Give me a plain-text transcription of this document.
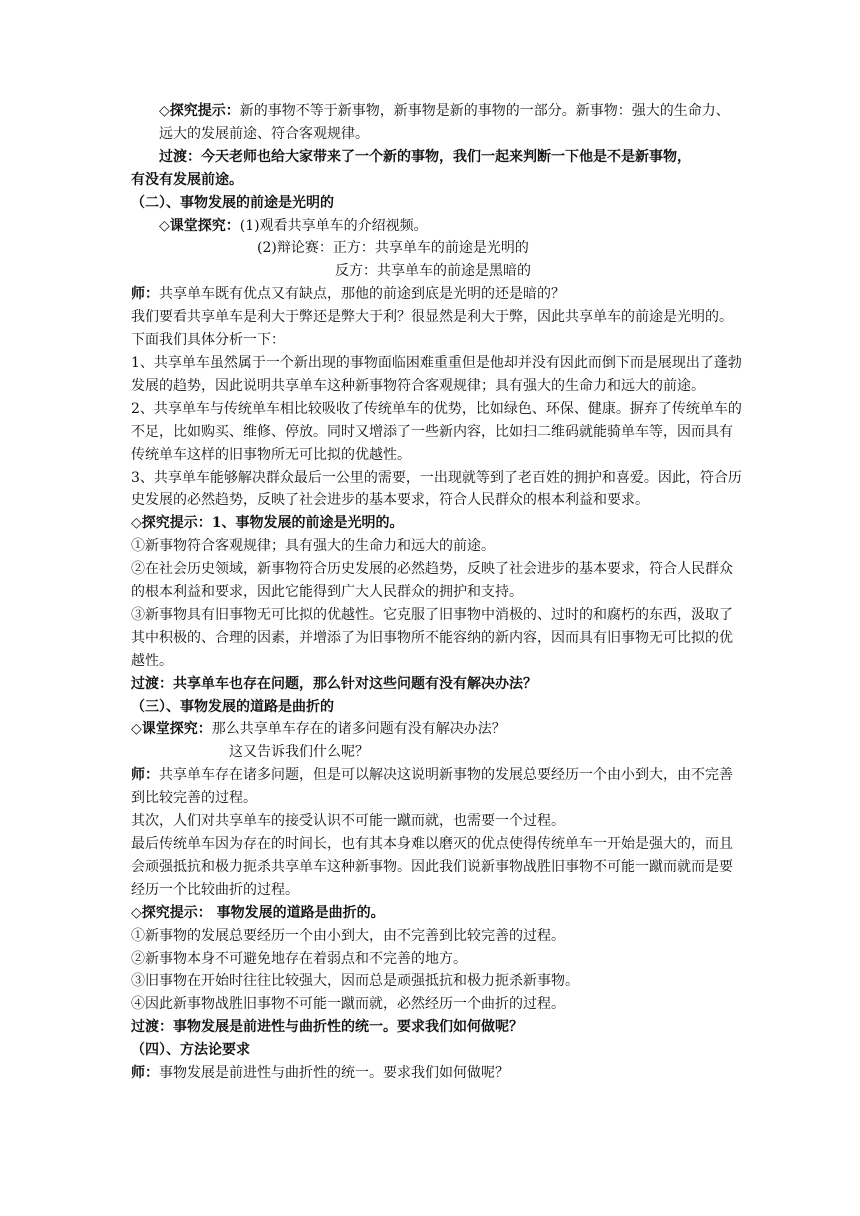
◇探究提示：新的事物不等于新事物，新事物是新的事物的一部分。新事物：强大的生命力、远大的发展前途、符合客观规律。
过渡：今天老师也给大家带来了一个新的事物，我们一起来判断一下他是不是新事物，
有没有发展前途。
（二）、事物发展的前途是光明的
◇课堂探究：(1)观看共享单车的介绍视频。
(2)辩论赛：正方：共享单车的前途是光明的
反方：共享单车的前途是黑暗的
师：共享单车既有优点又有缺点，那他的前途到底是光明的还是暗的？
我们要看共享单车是利大于弊还是弊大于利？很显然是利大于弊，因此共享单车的前途是光明的。下面我们具体分析一下：
1、共享单车虽然属于一个新出现的事物面临困难重重但是他却并没有因此而倒下而是展现出了蓬勃发展的趋势，因此说明共享单车这种新事物符合客观规律；具有强大的生命力和远大的前途。
2、共享单车与传统单车相比较吸收了传统单车的优势，比如绿色、环保、健康。摒弃了传统单车的不足，比如购买、维修、停放。同时又增添了一些新内容，比如扫二维码就能骑单车等，因而具有传统单车这样的旧事物所无可比拟的优越性。
3、共享单车能够解决群众最后一公里的需要，一出现就等到了老百姓的拥护和喜爱。因此，符合历史发展的必然趋势，反映了社会进步的基本要求，符合人民群众的根本利益和要求。
◇探究提示：1、事物发展的前途是光明的。
①新事物符合客观规律；具有强大的生命力和远大的前途。
②在社会历史领域，新事物符合历史发展的必然趋势，反映了社会进步的基本要求，符合人民群众的根本利益和要求，因此它能得到广大人民群众的拥护和支持。
③新事物具有旧事物无可比拟的优越性。它克服了旧事物中消极的、过时的和腐朽的东西，汲取了其中积极的、合理的因素，并增添了为旧事物所不能容纳的新内容，因而具有旧事物无可比拟的优越性。
过渡：共享单车也存在问题，那么针对这些问题有没有解决办法？
（三）、事物发展的道路是曲折的
◇课堂探究：那么共享单车存在的诸多问题有没有解决办法？
这又告诉我们什么呢？
师：共享单车存在诸多问题，但是可以解决这说明新事物的发展总要经历一个由小到大，由不完善到比较完善的过程。
其次，人们对共享单车的接受认识不可能一蹴而就，也需要一个过程。
最后传统单车因为存在的时间长，也有其本身难以磨灭的优点使得传统单车一开始是强大的，而且会顽强抵抗和极力扼杀共享单车这种新事物。因此我们说新事物战胜旧事物不可能一蹴而就而是要经历一个比较曲折的过程。
◇探究提示： 事物发展的道路是曲折的。
①新事物的发展总要经历一个由小到大，由不完善到比较完善的过程。
②新事物本身不可避免地存在着弱点和不完善的地方。
③旧事物在开始时往往比较强大，因而总是顽强抵抗和极力扼杀新事物。
④因此新事物战胜旧事物不可能一蹴而就，必然经历一个曲折的过程。
过渡：事物发展是前进性与曲折性的统一。要求我们如何做呢？
（四）、方法论要求
师：事物发展是前进性与曲折性的统一。要求我们如何做呢？
